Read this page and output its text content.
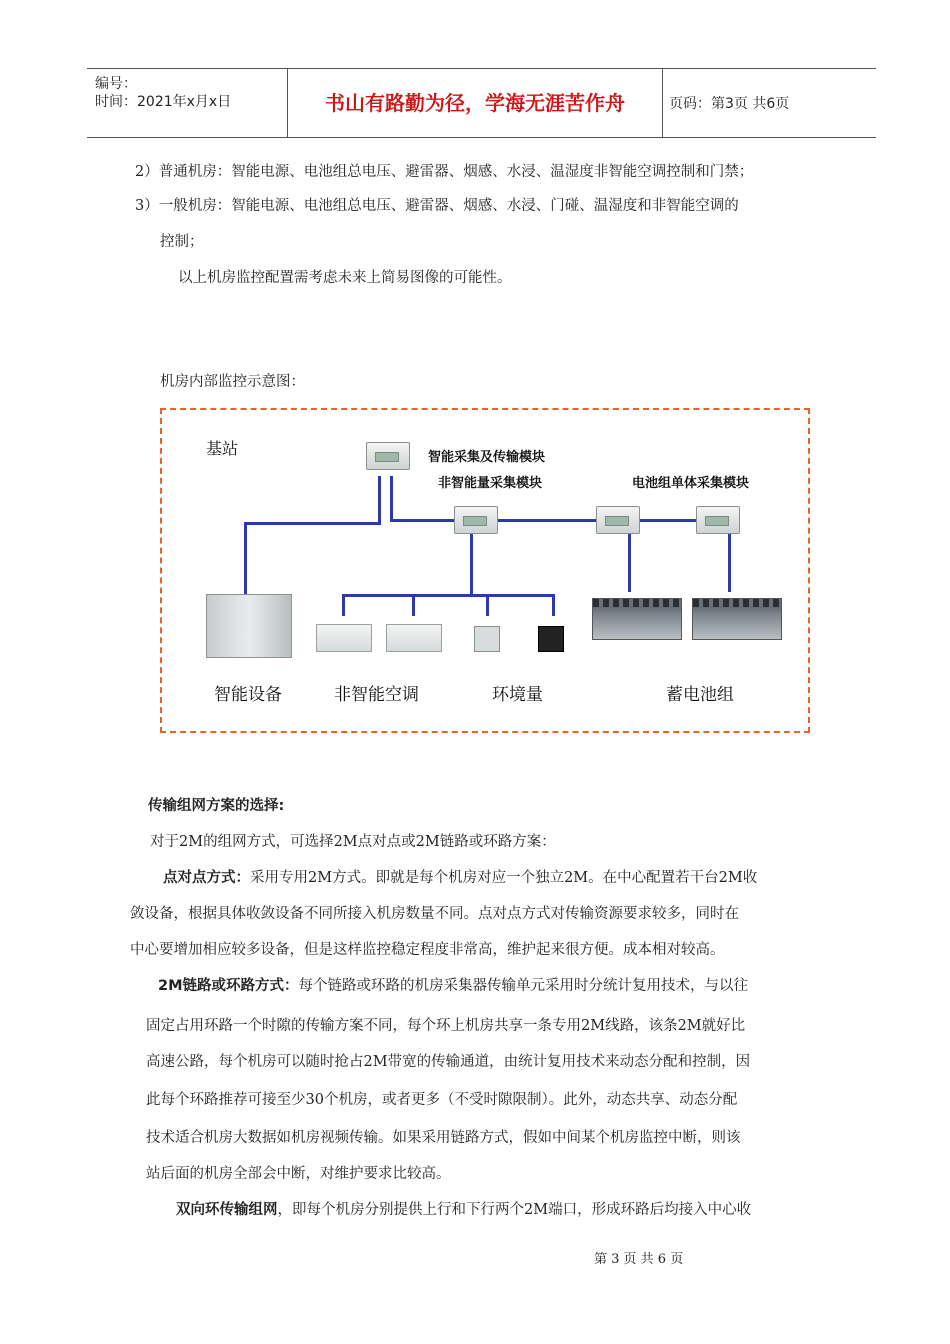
编号：
时间：2021年x月x日	书山有路勤为径，学海无涯苦作舟	页码：第3页 共6页
2）普通机房：智能电源、电池组总电压、避雷器、烟感、水浸、温湿度非智能空调控制和门禁；
3）一般机房：智能电源、电池组总电压、避雷器、烟感、水浸、门碰、温湿度和非智能空调的
控制；
以上机房监控配置需考虑未来上简易图像的可能性。
机房内部监控示意图：
基站	智能采集及传输模块
非智能量采集模块	电池组单体采集模块
智能设备	非智能空调	环境量	蓄电池组
传输组网方案的选择:
对于2M的组网方式，可选择2M点对点或2M链路或环路方案：
点对点方式：采用专用2M方式。即就是每个机房对应一个独立2M。在中心配置若干台2M收
敛设备，根据具体收敛设备不同所接入机房数量不同。点对点方式对传输资源要求较多，同时在
中心要增加相应较多设备，但是这样监控稳定程度非常高，维护起来很方便。成本相对较高。
2M链路或环路方式：每个链路或环路的机房采集器传输单元采用时分统计复用技术，与以往
固定占用环路一个时隙的传输方案不同，每个环上机房共享一条专用2M线路，该条2M就好比
高速公路，每个机房可以随时抢占2M带宽的传输通道，由统计复用技术来动态分配和控制，因
此每个环路推荐可接至少30个机房，或者更多（不受时隙限制）。此外，动态共享、动态分配
技术适合机房大数据如机房视频传输。如果采用链路方式，假如中间某个机房监控中断，则该
站后面的机房全部会中断，对维护要求比较高。
双向环传输组网，即每个机房分别提供上行和下行两个2M端口，形成环路后均接入中心收
第 3 页 共 6 页
